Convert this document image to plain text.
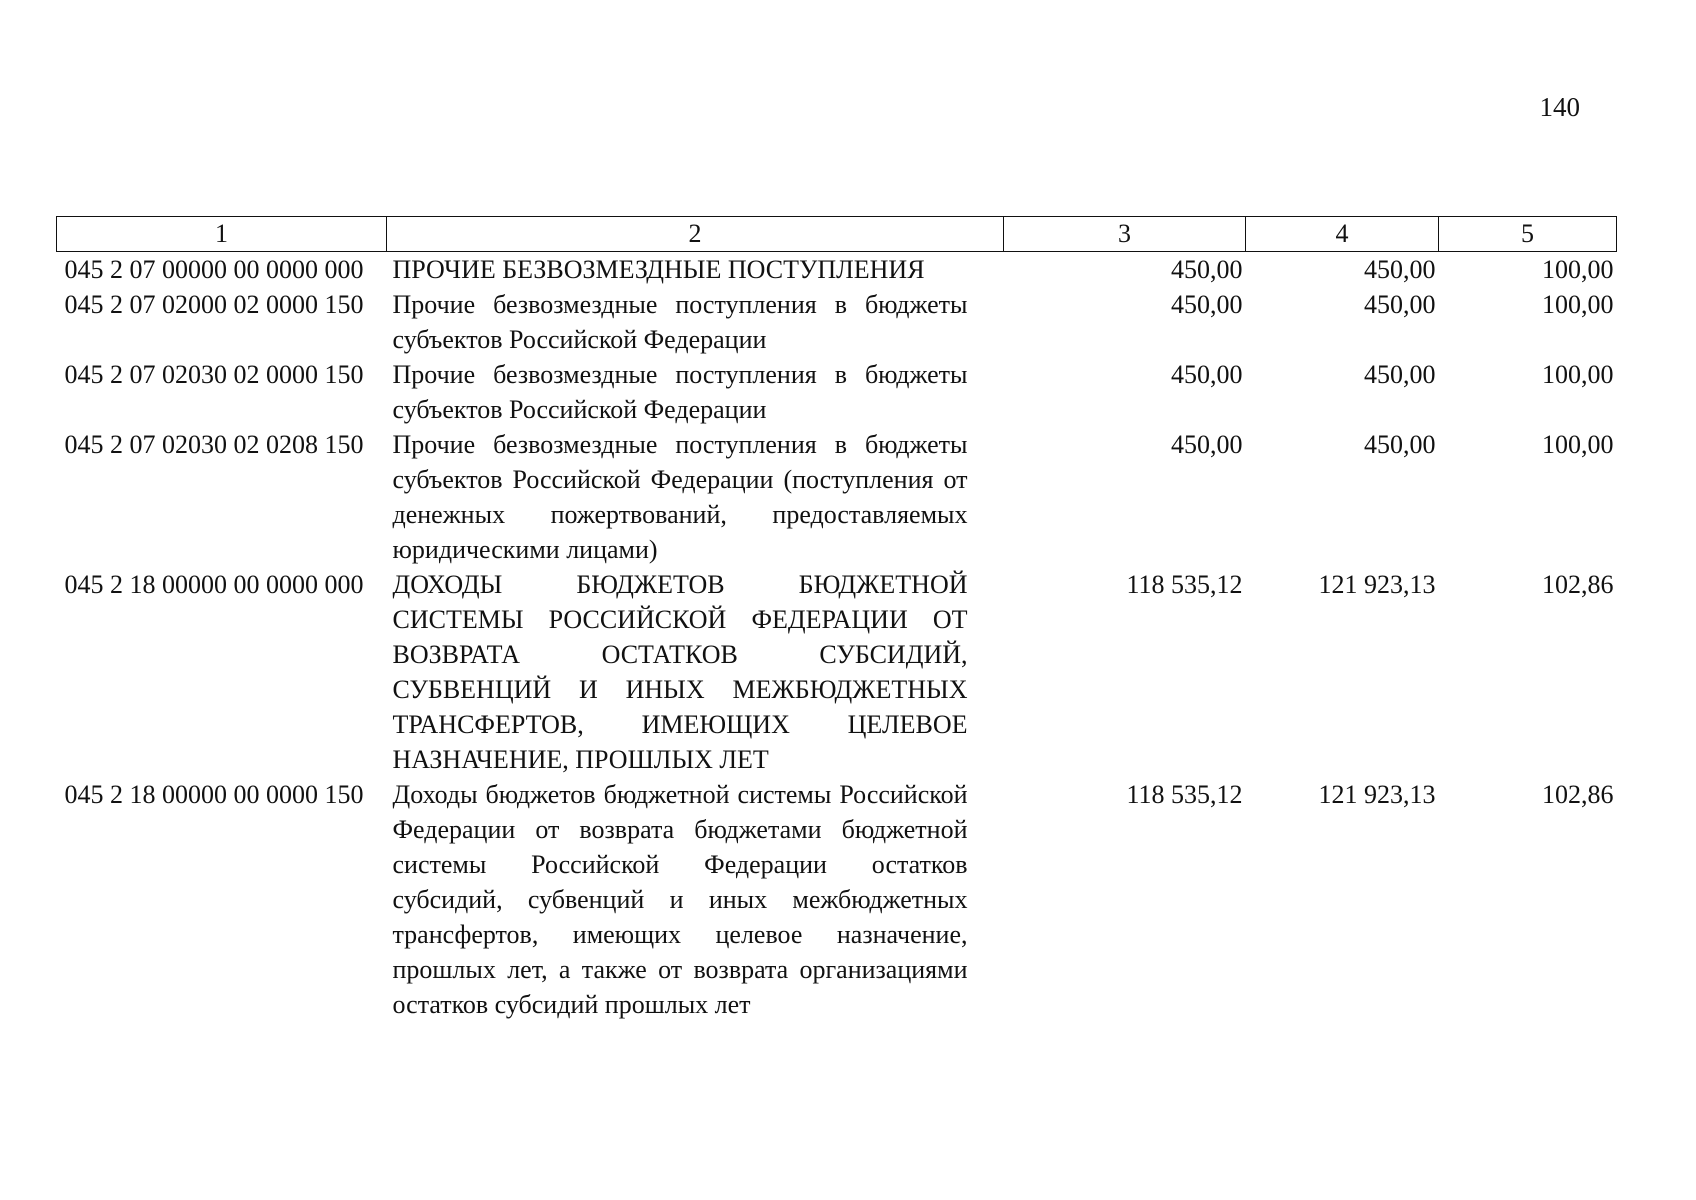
140
1	2	3	4	5
045 2 07 00000 00 0000 000	ПРОЧИЕ БЕЗВОЗМЕЗДНЫЕ ПОСТУПЛЕНИЯ	450,00	450,00	100,00
045 2 07 02000 02 0000 150	Прочие безвозмездные поступления в бюджеты субъектов Российской Федерации	450,00	450,00	100,00
045 2 07 02030 02 0000 150	Прочие безвозмездные поступления в бюджеты субъектов Российской Федерации	450,00	450,00	100,00
045 2 07 02030 02 0208 150	Прочие безвозмездные поступления в бюджеты субъектов Российской Федерации (поступления от денежных пожертвований, предоставляемых юридическими лицами)	450,00	450,00	100,00
045 2 18 00000 00 0000 000	ДОХОДЫ БЮДЖЕТОВ БЮДЖЕТНОЙ СИСТЕМЫ РОССИЙСКОЙ ФЕДЕРАЦИИ ОТ ВОЗВРАТА ОСТАТКОВ СУБСИДИЙ, СУБВЕНЦИЙ И ИНЫХ МЕЖБЮДЖЕТНЫХ ТРАНСФЕРТОВ, ИМЕЮЩИХ ЦЕЛЕВОЕ НАЗНАЧЕНИЕ, ПРОШЛЫХ ЛЕТ	118 535,12	121 923,13	102,86
045 2 18 00000 00 0000 150	Доходы бюджетов бюджетной системы Российской Федерации от возврата бюджетами бюджетной системы Российской Федерации остатков субсидий, субвенций и иных межбюджетных трансфертов, имеющих целевое назначение, прошлых лет, а также от возврата организациями остатков субсидий прошлых лет	118 535,12	121 923,13	102,86
